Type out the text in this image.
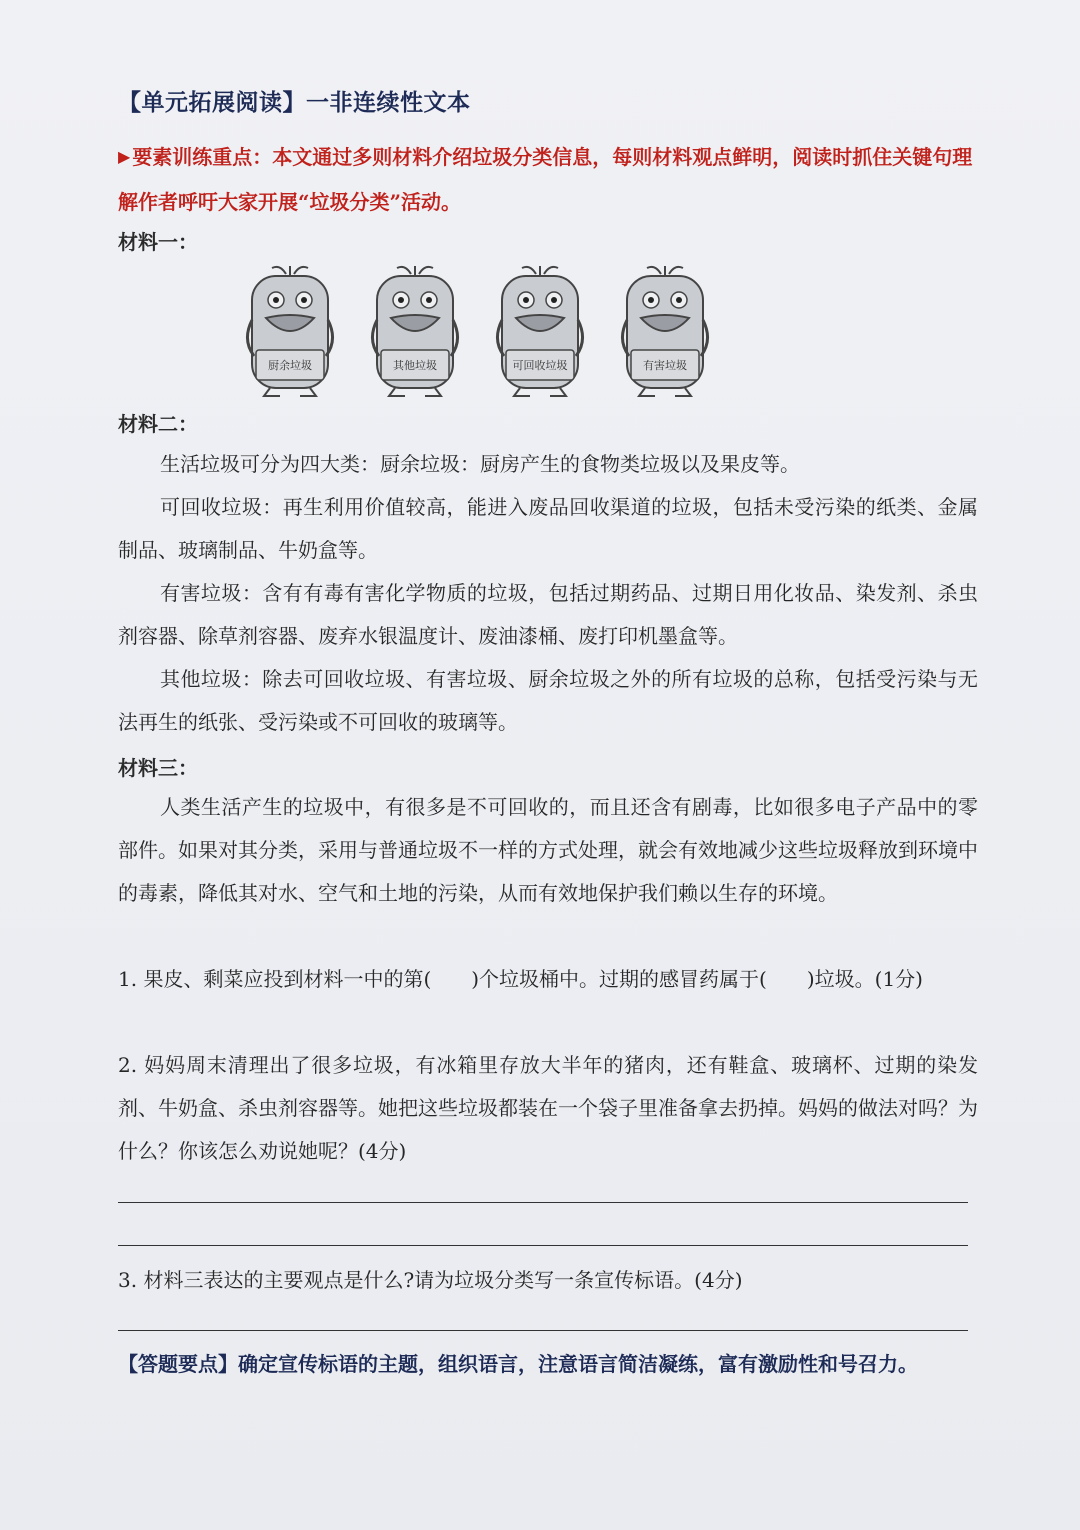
【单元拓展阅读】一非连续性文本
▶ 要素训练重点：本文通过多则材料介绍垃圾分类信息，每则材料观点鲜明，阅读时抓住关键句理解作者呼吁大家开展“垃圾分类”活动。
材料一：
厨余垃圾	其他垃圾	可回收垃圾	有害垃圾
材料二：
生活垃圾可分为四大类：厨余垃圾：厨房产生的食物类垃圾以及果皮等。
可回收垃圾：再生利用价值较高，能进入废品回收渠道的垃圾，包括未受污染的纸类、金属制品、玻璃制品、牛奶盒等。
有害垃圾：含有有毒有害化学物质的垃圾，包括过期药品、过期日用化妆品、染发剂、杀虫剂容器、除草剂容器、废弃水银温度计、废油漆桶、废打印机墨盒等。
其他垃圾：除去可回收垃圾、有害垃圾、厨余垃圾之外的所有垃圾的总称，包括受污染与无法再生的纸张、受污染或不可回收的玻璃等。
材料三：
人类生活产生的垃圾中，有很多是不可回收的，而且还含有剧毒，比如很多电子产品中的零部件。如果对其分类，采用与普通垃圾不一样的方式处理，就会有效地减少这些垃圾释放到环境中的毒素，降低其对水、空气和土地的污染，从而有效地保护我们赖以生存的环境。
1. 果皮、剩菜应投到材料一中的第(　　)个垃圾桶中。过期的感冒药属于(　　)垃圾。(1分)
2. 妈妈周末清理出了很多垃圾，有冰箱里存放大半年的猪肉，还有鞋盒、玻璃杯、过期的染发剂、牛奶盒、杀虫剂容器等。她把这些垃圾都装在一个袋子里准备拿去扔掉。妈妈的做法对吗？为什么？你该怎么劝说她呢？(4分)
3. 材料三表达的主要观点是什么?请为垃圾分类写一条宣传标语。(4分)
【答题要点】确定宣传标语的主题，组织语言，注意语言简洁凝练，富有激励性和号召力。
